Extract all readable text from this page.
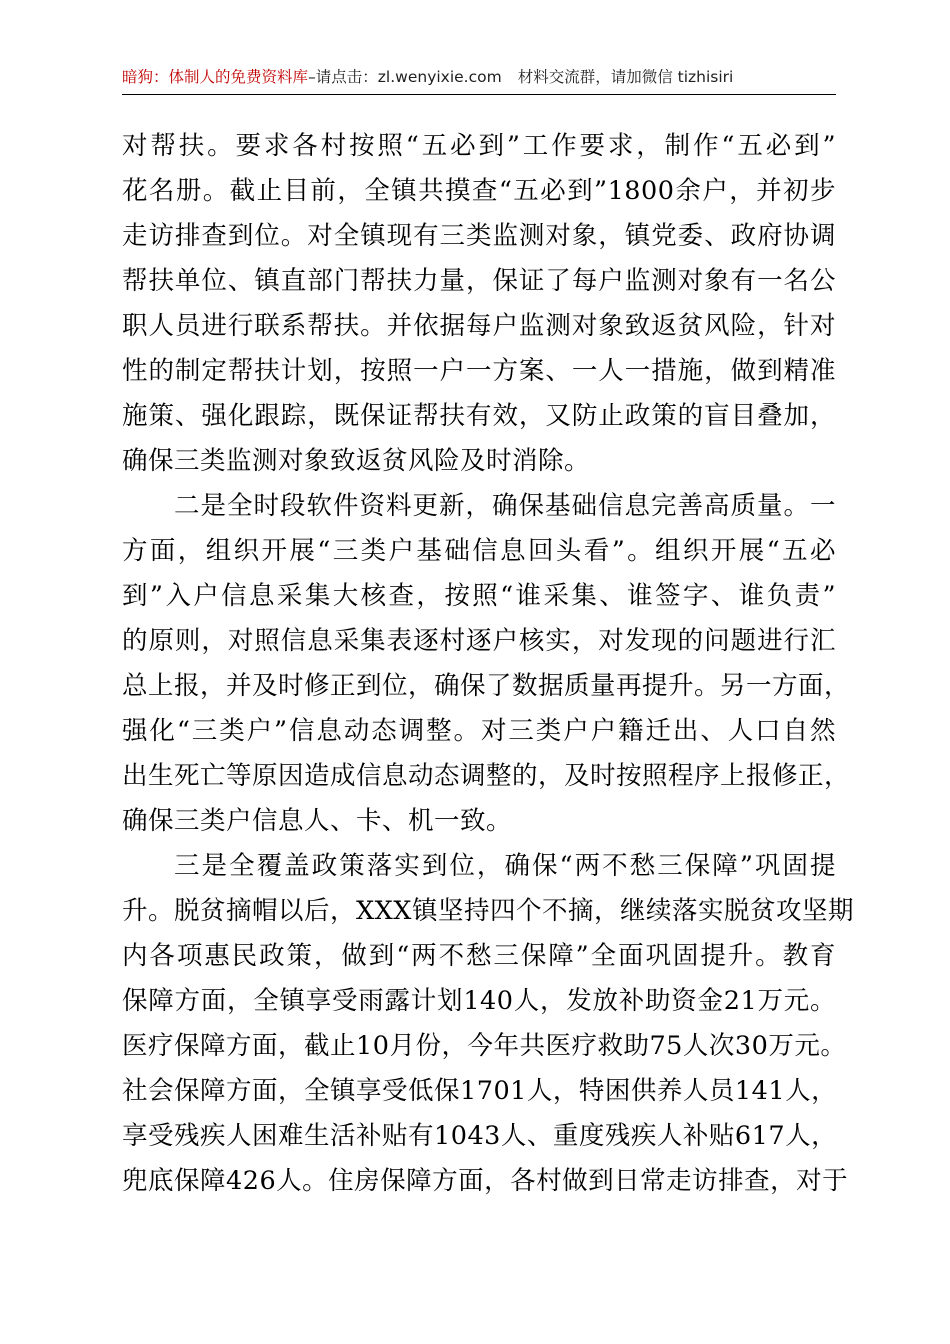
暗狗：体制人的免费资料库–请点击：zl.wenyixie.com 材料交流群，请加微信 tizhisiri
对帮扶。要求各村按照“五必到”工作要求，制作“五必到”
花名册。截止目前，全镇共摸查“五必到”1800余户，并初步
走访排查到位。对全镇现有三类监测对象，镇党委、政府协调
帮扶单位、镇直部门帮扶力量，保证了每户监测对象有一名公
职人员进行联系帮扶。并依据每户监测对象致返贫风险，针对
性的制定帮扶计划，按照一户一方案、一人一措施，做到精准
施策、强化跟踪，既保证帮扶有效，又防止政策的盲目叠加，
确保三类监测对象致返贫风险及时消除。
二是全时段软件资料更新，确保基础信息完善高质量。一
方面，组织开展“三类户基础信息回头看”。组织开展“五必
到”入户信息采集大核查，按照“谁采集、谁签字、谁负责”
的原则，对照信息采集表逐村逐户核实，对发现的问题进行汇
总上报，并及时修正到位，确保了数据质量再提升。另一方面，
强化“三类户”信息动态调整。对三类户户籍迁出、人口自然
出生死亡等原因造成信息动态调整的，及时按照程序上报修正，
确保三类户信息人、卡、机一致。
三是全覆盖政策落实到位，确保“两不愁三保障”巩固提
升。脱贫摘帽以后，XXX镇坚持四个不摘，继续落实脱贫攻坚期
内各项惠民政策，做到“两不愁三保障”全面巩固提升。教育
保障方面，全镇享受雨露计划140人，发放补助资金21万元。
医疗保障方面，截止10月份，今年共医疗救助75人次30万元。
社会保障方面，全镇享受低保1701人，特困供养人员141人，
享受残疾人困难生活补贴有1043人、重度残疾人补贴617人，
兜底保障426人。住房保障方面，各村做到日常走访排查，对于
